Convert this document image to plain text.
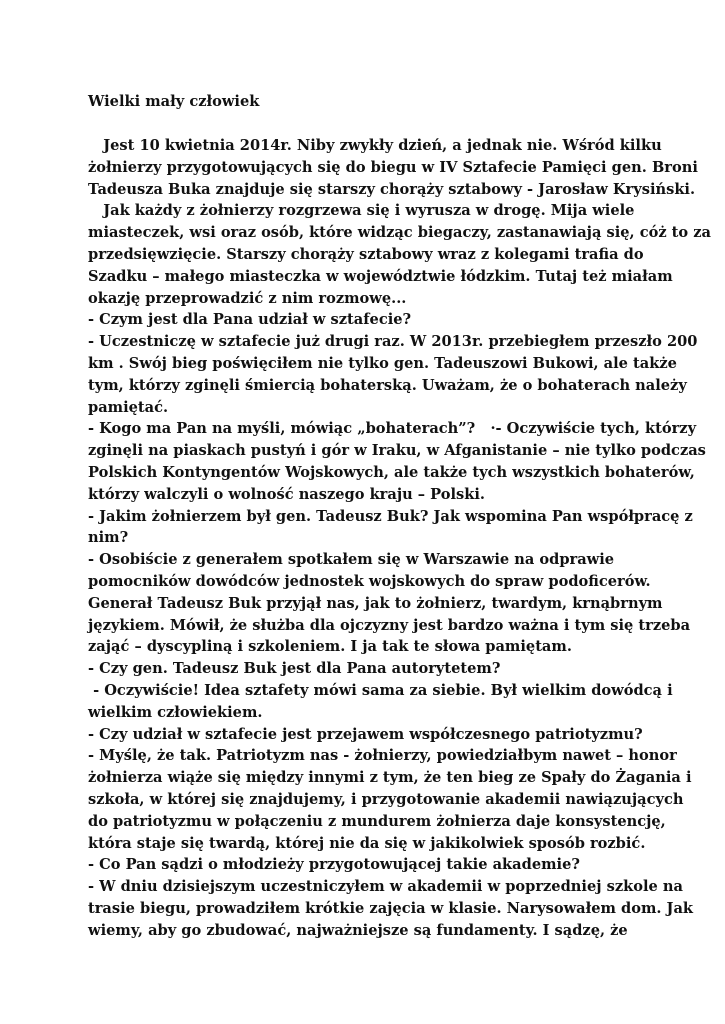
Wielki mały człowiek

Jest 10 kwietnia 2014r. Niby zwykły dzień, a jednak nie. Wśród kilku

żołnierzy przygotowujących się do biegu w IV Sztafecie Pamięci gen. Broni

Tadeusza Buka znajduje się starszy chorąży sztabowy - Jarosław Krysiński.

Jak każdy z żołnierzy rozgrzewa się i wyrusza w drogę. Mija wiele

miasteczek, wsi oraz osób, które widząc biegaczy, zastanawiają się, cóż to za

przedsięwzięcie. Starszy chorąży sztabowy wraz z kolegami trafia do

Szadku – małego miasteczka w województwie łódzkim. Tutaj też miałam

okazję przeprowadzić z nim rozmowę...

- Czym jest dla Pana udział w sztafecie?

- Uczestniczę w sztafecie już drugi raz. W 2013r. przebiegłem przeszło 200

km . Swój bieg poświęciłem nie tylko gen. Tadeuszowi Bukowi, ale także

tym, którzy zginęli śmiercią bohaterską. Uważam, że o bohaterach należy

pamiętać.

- Kogo ma Pan na myśli, mówiąc „bohaterach”?   ·- Oczywiście tych, którzy

zginęli na piaskach pustyń i gór w Iraku, w Afganistanie – nie tylko podczas

Polskich Kontyngentów Wojskowych, ale także tych wszystkich bohaterów,

którzy walczyli o wolność naszego kraju – Polski.

- Jakim żołnierzem był gen. Tadeusz Buk? Jak wspomina Pan współpracę z

nim?

- Osobiście z generałem spotkałem się w Warszawie na odprawie

pomocników dowódców jednostek wojskowych do spraw podoficerów.

Generał Tadeusz Buk przyjął nas, jak to żołnierz, twardym, krnąbrnym

językiem. Mówił, że służba dla ojczyzny jest bardzo ważna i tym się trzeba

zająć – dyscypliną i szkoleniem. I ja tak te słowa pamiętam.

- Czy gen. Tadeusz Buk jest dla Pana autorytetem?

- Oczywiście! Idea sztafety mówi sama za siebie. Był wielkim dowódcą i

wielkim człowiekiem.

- Czy udział w sztafecie jest przejawem współczesnego patriotyzmu?

- Myślę, że tak. Patriotyzm nas - żołnierzy, powiedziałbym nawet – honor

żołnierza wiąże się między innymi z tym, że ten bieg ze Spały do Żagania i

szkoła, w której się znajdujemy, i przygotowanie akademii nawiązujących

do patriotyzmu w połączeniu z mundurem żołnierza daje konsystencję,

która staje się twardą, której nie da się w jakikolwiek sposób rozbić.

- Co Pan sądzi o młodzieży przygotowującej takie akademie?

- W dniu dzisiejszym uczestniczyłem w akademii w poprzedniej szkole na

trasie biegu, prowadziłem krótkie zajęcia w klasie. Narysowałem dom. Jak

wiemy, aby go zbudować, najważniejsze są fundamenty. I sądzę, że
